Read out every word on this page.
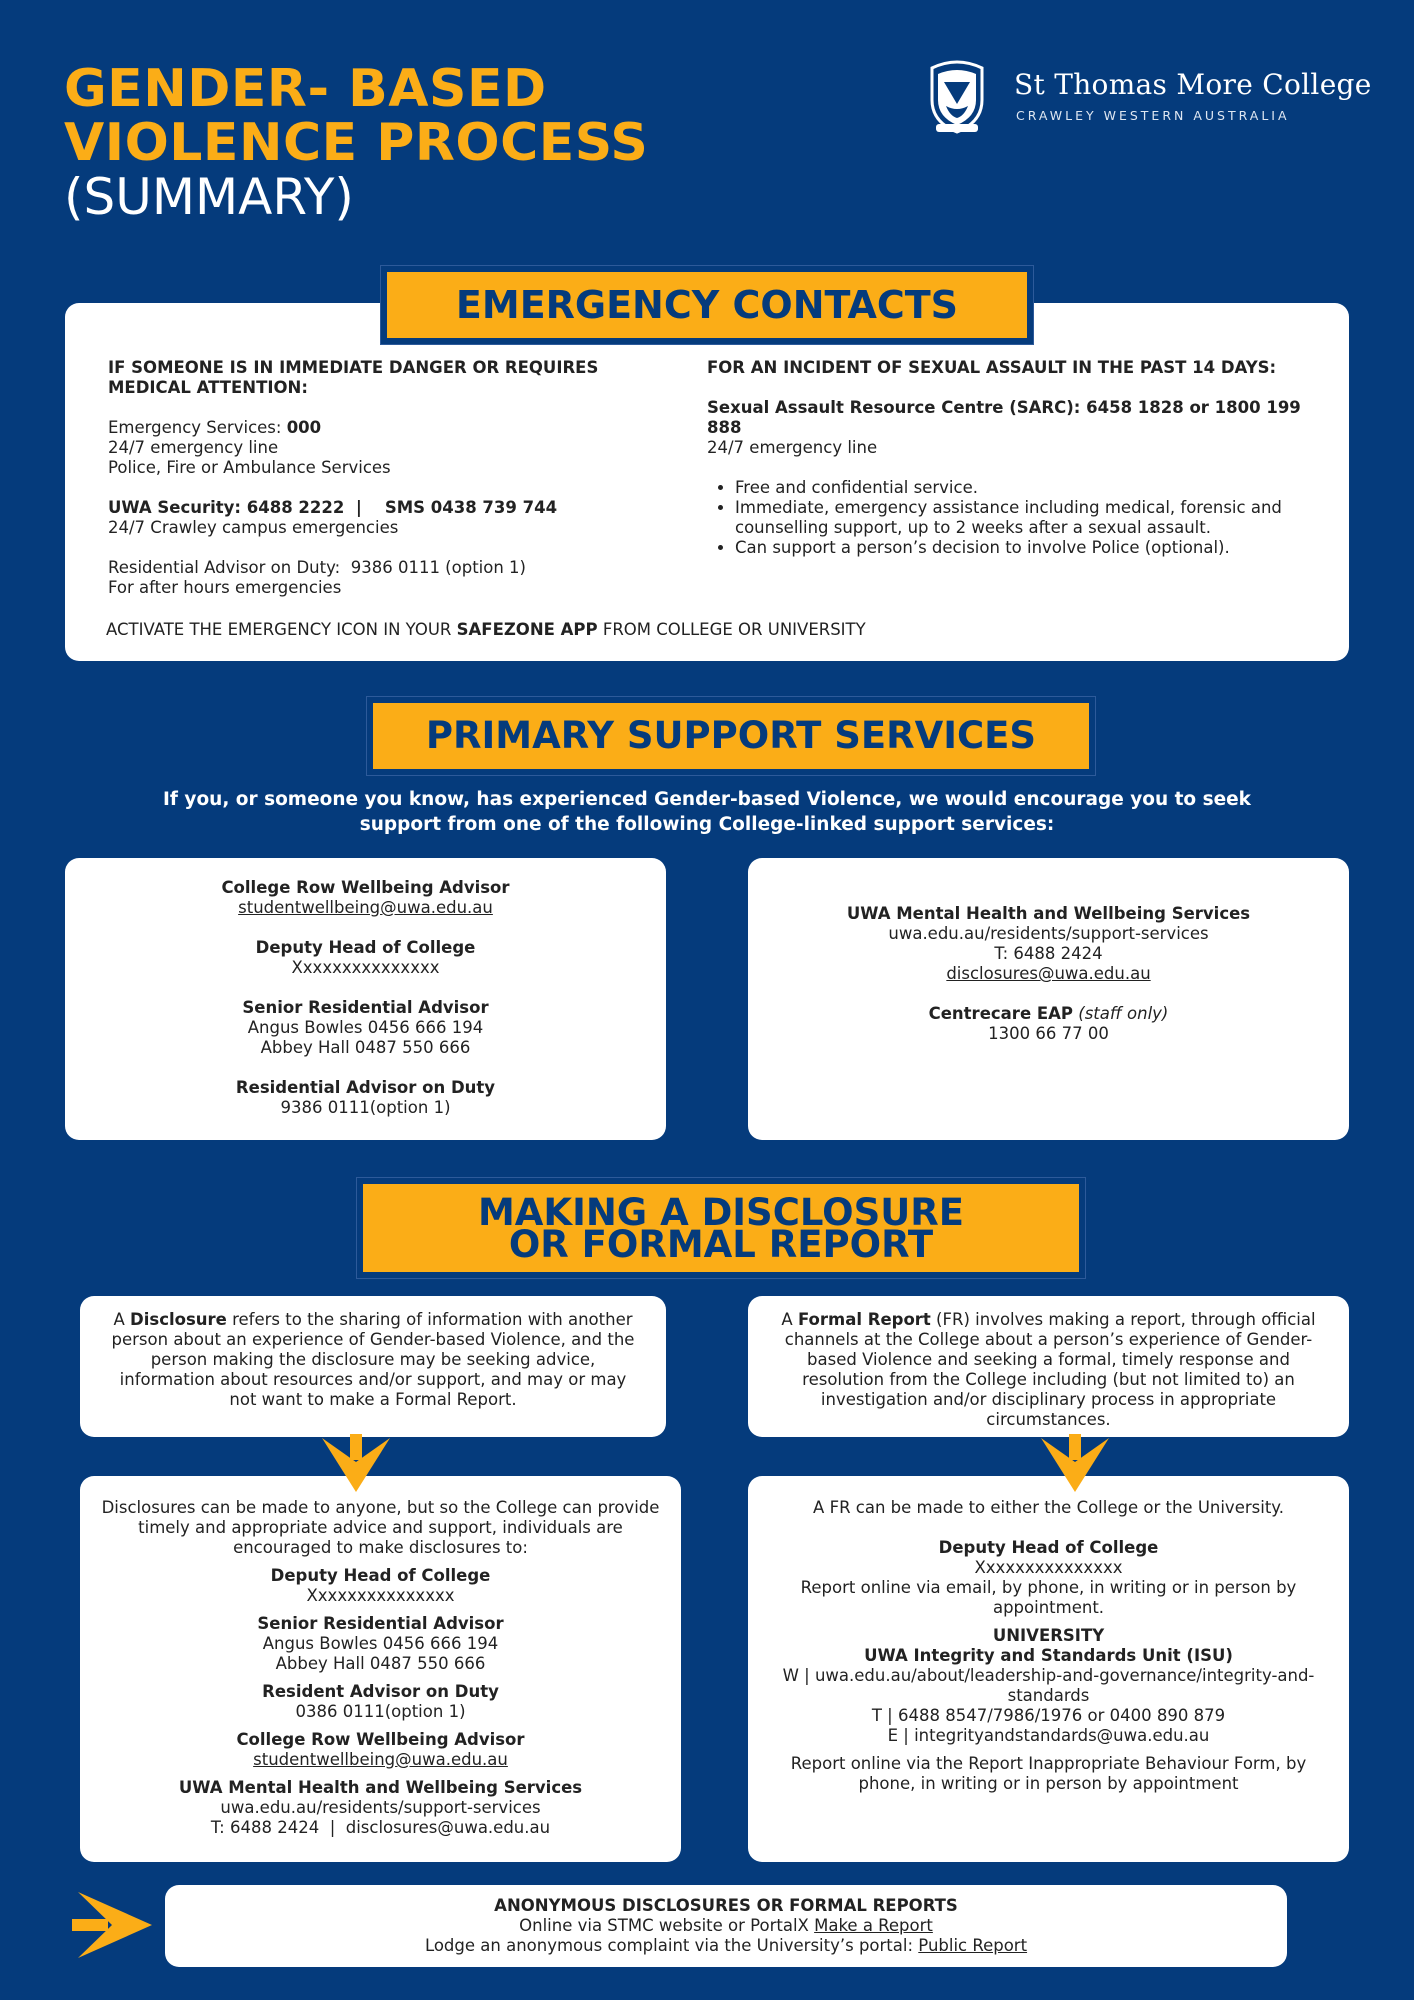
GENDER- BASED
VIOLENCE PROCESS
(SUMMARY)
St Thomas More College
CRAWLEY WESTERN AUSTRALIA
EMERGENCY CONTACTS
IF SOMEONE IS IN IMMEDIATE DANGER OR REQUIRES MEDICAL ATTENTION:
Emergency Services: 000
24/7 emergency line
Police, Fire or Ambulance Services
UWA Security: 6488 2222  |    SMS 0438 739 744
24/7 Crawley campus emergencies
Residential Advisor on Duty:  9386 0111 (option 1)
For after hours emergencies
FOR AN INCIDENT OF SEXUAL ASSAULT IN THE PAST 14 DAYS:
Sexual Assault Resource Centre (SARC): 6458 1828 or 1800 199 888
24/7 emergency line
• Free and confidential service.
• Immediate, emergency assistance including medical, forensic and counselling support, up to 2 weeks after a sexual assault.
• Can support a person’s decision to involve Police (optional).
ACTIVATE THE EMERGENCY ICON IN YOUR SAFEZONE APP FROM COLLEGE OR UNIVERSITY
PRIMARY SUPPORT SERVICES
If you, or someone you know, has experienced Gender-based Violence, we would encourage you to seek support from one of the following College-linked support services:
College Row Wellbeing Advisor
studentwellbeing@uwa.edu.au
Deputy Head of College
Xxxxxxxxxxxxxxx
Senior Residential Advisor
Angus Bowles 0456 666 194
Abbey Hall 0487 550 666
Residential Advisor on Duty
9386 0111(option 1)
UWA Mental Health and Wellbeing Services
uwa.edu.au/residents/support-services
T: 6488 2424
disclosures@uwa.edu.au
Centrecare EAP (staff only)
1300 66 77 00
MAKING A DISCLOSURE
OR FORMAL REPORT
A Disclosure refers to the sharing of information with another person about an experience of Gender-based Violence, and the person making the disclosure may be seeking advice, information about resources and/or support, and may or may not want to make a Formal Report.
A Formal Report (FR) involves making a report, through official channels at the College about a person’s experience of Gender-based Violence and seeking a formal, timely response and resolution from the College including (but not limited to) an investigation and/or disciplinary process in appropriate circumstances.
Disclosures can be made to anyone, but so the College can provide timely and appropriate advice and support, individuals are encouraged to make disclosures to:
Deputy Head of College
Xxxxxxxxxxxxxxx
Senior Residential Advisor
Angus Bowles 0456 666 194
Abbey Hall 0487 550 666
Resident Advisor on Duty
0386 0111(option 1)
College Row Wellbeing Advisor
studentwellbeing@uwa.edu.au
UWA Mental Health and Wellbeing Services
uwa.edu.au/residents/support-services
T: 6488 2424  |  disclosures@uwa.edu.au
A FR can be made to either the College or the University.
Deputy Head of College
Xxxxxxxxxxxxxxx
Report online via email, by phone, in writing or in person by appointment.
UNIVERSITY
UWA Integrity and Standards Unit (ISU)
W | uwa.edu.au/about/leadership-and-governance/integrity-and-standards
T | 6488 8547/7986/1976 or 0400 890 879
E | integrityandstandards@uwa.edu.au
Report online via the Report Inappropriate Behaviour Form, by phone, in writing or in person by appointment
ANONYMOUS DISCLOSURES OR FORMAL REPORTS
Online via STMC website or PortalX Make a Report
Lodge an anonymous complaint via the University’s portal: Public Report
